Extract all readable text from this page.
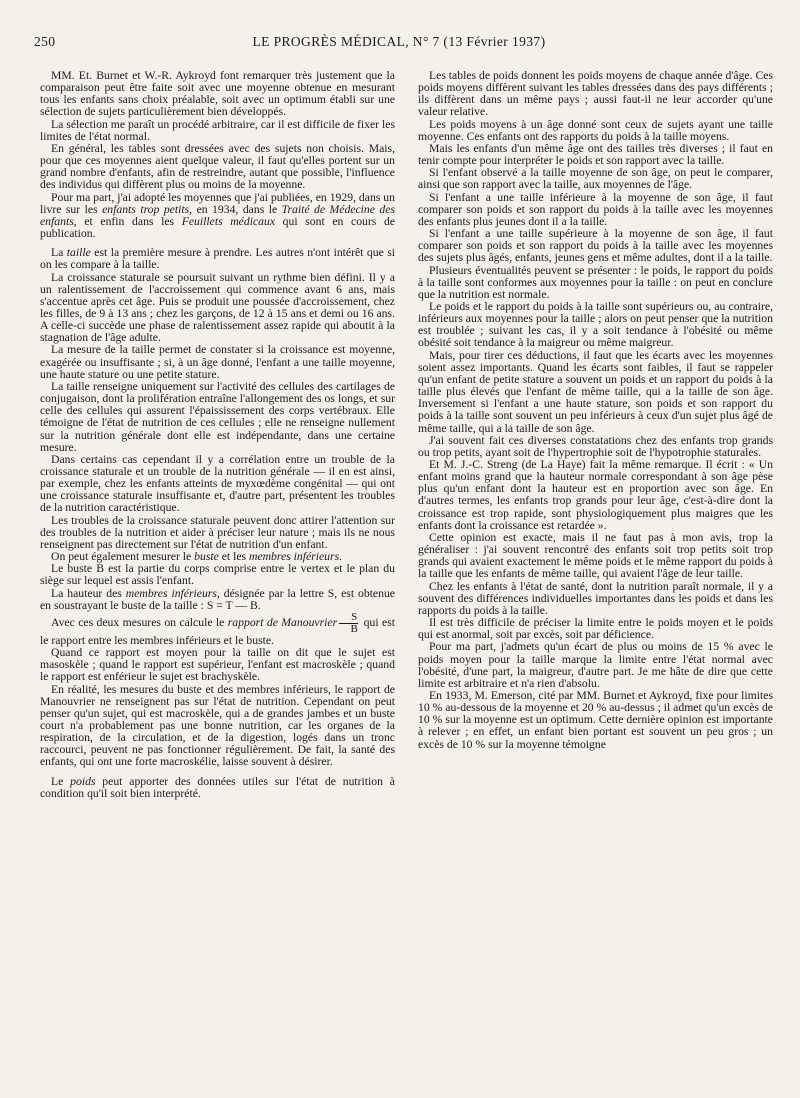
250	LE PROGRÈS MÉDICAL, N° 7 (13 Février 1937)

MM. Et. Burnet et W.-R. Aykroyd font remarquer très justement que la comparaison peut être faite soit avec une moyenne obtenue en mesurant tous les enfants sans choix préalable, soit avec un optimum établi sur une sélection de sujets particulièrement bien développés.

La sélection me paraît un procédé arbitraire, car il est difficile de fixer les limites de l'état normal.

En général, les tables sont dressées avec des sujets non choisis. Mais, pour que ces moyennes aient quelque valeur, il faut qu'elles portent sur un grand nombre d'enfants, afin de restreindre, autant que possible, l'influence des individus qui diffèrent plus ou moins de la moyenne.

Pour ma part, j'ai adopté les moyennes que j'ai publiées, en 1929, dans un livre sur les enfants trop petits, en 1934, dans le Traité de Médecine des enfants, et enfin dans les Feuillets médicaux qui sont en cours de publication.

La taille est la première mesure à prendre. Les autres n'ont intérêt que si on les compare à la taille.

La croissance staturale se poursuit suivant un rythme bien défini. Il y a un ralentissement de l'accroissement qui commence avant 6 ans, mais s'accentue après cet âge. Puis se produit une poussée d'accroissement, chez les filles, de 9 à 13 ans ; chez les garçons, de 12 à 15 ans et demi ou 16 ans. A celle-ci succède une phase de ralentissement assez rapide qui aboutit à la stagnation de l'âge adulte.

La mesure de la taille permet de constater si la croissance est moyenne, exagérée ou insuffisante ; si, à un âge donné, l'enfant a une taille moyenne, une haute stature ou une petite stature.

La taille renseigne uniquement sur l'activité des cellules des cartilages de conjugaison, dont la prolifération entraîne l'allongement des os longs, et sur celle des cellules qui assurent l'épaississement des corps vertébraux. Elle témoigne de l'état de nutrition de ces cellules ; elle ne renseigne nullement sur la nutrition générale dont elle est indépendante, dans une certaine mesure.

Dans certains cas cependant il y a corrélation entre un trouble de la croissance staturale et un trouble de la nutrition générale — il en est ainsi, par exemple, chez les enfants atteints de myxœdème congénital — qui ont une croissance staturale insuffisante et, d'autre part, présentent les troubles de la nutrition caractéristique.

Les troubles de la croissance staturale peuvent donc attirer l'attention sur des troubles de la nutrition et aider à préciser leur nature ; mais ils ne nous renseignent pas directement sur l'état de nutrition d'un enfant.

On peut également mesurer le buste et les membres inférieurs.

Le buste B est la partie du corps comprise entre le vertex et le plan du siège sur lequel est assis l'enfant.

La hauteur des membres inférieurs, désignée par la lettre S, est obtenue en soustrayant le buste de la taille : S = T — B.

Avec ces deux mesures on calcule le rapport de Manouvrier $\frac{S}{B}$ qui est le rapport entre les membres inférieurs et le buste.

Quand ce rapport est moyen pour la taille on dit que le sujet est masoskèle ; quand le rapport est supérieur, l'enfant est macroskèle ; quand le rapport est enférieur le sujet est brachyskèle.

En réalité, les mesures du buste et des membres inférieurs, le rapport de Manouvrier ne renseignent pas sur l'état de nutrition. Cependant on peut penser qu'un sujet, qui est macroskèle, qui a de grandes jambes et un buste court n'a probablement pas une bonne nutrition, car les organes de la respiration, de la circulation, et de la digestion, logés dans un tronc raccourci, peuvent ne pas fonctionner régulièrement. De fait, la santé des enfants, qui ont une forte macroskélie, laisse souvent à désirer.

Le poids peut apporter des données utiles sur l'état de nutrition à condition qu'il soit bien interprété.

Les tables de poids donnent les poids moyens de chaque année d'âge. Ces poids moyens diffèrent suivant les tables dressées dans des pays différents ; ils diffèrent dans un même pays ; aussi faut-il ne leur accorder qu'une valeur relative.

Les poids moyens à un âge donné sont ceux de sujets ayant une taille moyenne. Ces enfants ont des rapports du poids à la taille moyens.

Mais les enfants d'un même âge ont des tailles très diverses ; il faut en tenir compte pour interpréter le poids et son rapport avec la taille.

Si l'enfant observé a la taille moyenne de son âge, on peut le comparer, ainsi que son rapport avec la taille, aux moyennes de l'âge.

Si l'enfant a une taille inférieure à la moyenne de son âge, il faut comparer son poids et son rapport du poids à la taille avec les moyennes des enfants plus jeunes dont il a la taille.

Si l'enfant a une taille supérieure à la moyenne de son âge, il faut comparer son poids et son rapport du poids à la taille avec les moyennes des sujets plus âgés, enfants, jeunes gens et même adultes, dont il a la taille.

Plusieurs éventualités peuvent se présenter : le poids, le rapport du poids à la taille sont conformes aux moyennes pour la taille : on peut en conclure que la nutrition est normale.

Le poids et le rapport du poids à la taille sont supérieurs ou, au contraire, inférieurs aux moyennes pour la taille ; alors on peut penser que la nutrition est troublée ; suivant les cas, il y a soit tendance à l'obésité ou même obésité soit tendance à la maigreur ou même maigreur.

Mais, pour tirer ces déductions, il faut que les écarts avec les moyennes soient assez importants. Quand les écarts sont faibles, il faut se rappeler qu'un enfant de petite stature a souvent un poids et un rapport du poids à la taille plus élevés que l'enfant de même taille, qui a la taille de son âge. Inversement si l'enfant a une haute stature, son poids et son rapport du poids à la taille sont souvent un peu inférieurs à ceux d'un sujet plus âgé de même taille, qui a la taille de son âge.

J'ai souvent fait ces diverses constatations chez des enfants trop grands ou trop petits, ayant soit de l'hypertrophie soit de l'hypotrophie staturales.

Et M. J.-C. Streng (de La Haye) fait la même remarque. Il écrit : « Un enfant moins grand que la hauteur normale correspondant à son âge pèse plus qu'un enfant dont la hauteur est en proportion avec son âge. En d'autres termes, les enfants trop grands pour leur âge, c'est-à-dire dont la croissance est trop rapide, sont physiologiquement plus maigres que les enfants dont la croissance est retardée ».

Cette opinion est exacte, mais il ne faut pas à mon avis, trop la généraliser : j'ai souvent rencontré des enfants soit trop petits soit trop grands qui avaient exactement le même poids et le même rapport du poids à la taille que les enfants de même taille, qui avaient l'âge de leur taille.

Chez les enfants à l'état de santé, dont la nutrition paraît normale, il y a souvent des différences individuelles importantes dans les poids et dans les rapports du poids à la taille.

Il est très difficile de préciser la limite entre le poids moyen et le poids qui est anormal, soit par excès, soit par déficience.

Pour ma part, j'admets qu'un écart de plus ou moins de 15 % avec le poids moyen pour la taille marque la limite entre l'état normal avec l'obésité, d'une part, la maigreur, d'autre part. Je me hâte de dire que cette limite est arbitraire et n'a rien d'absolu.

En 1933, M. Emerson, cité par MM. Burnet et Aykroyd, fixe pour limites 10 % au-dessous de la moyenne et 20 % au-dessus ; il admet qu'un excès de 10 % sur la moyenne est un optimum. Cette dernière opinion est importante à relever ; en effet, un enfant bien portant est souvent un peu gros ; un excès de 10 % sur la moyenne témoigne
